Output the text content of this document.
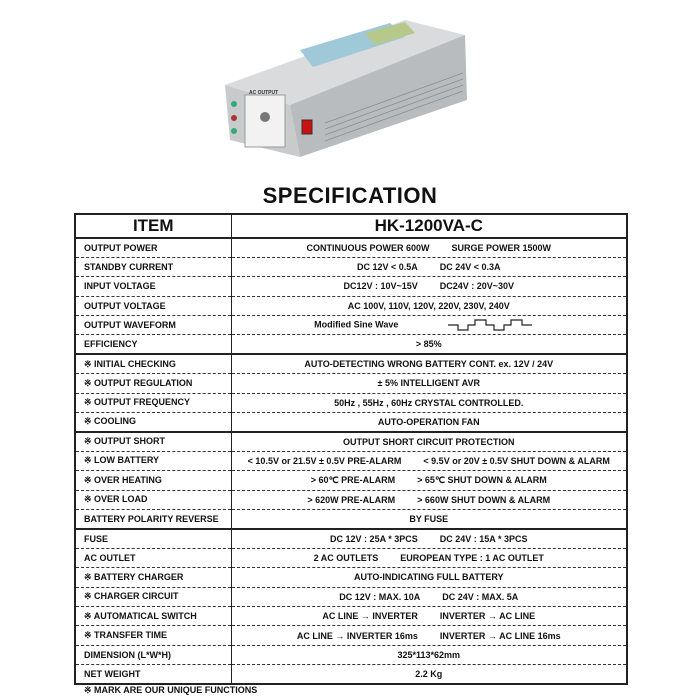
AC OUTPUT
SPECIFICATION
ITEM	HK-1200VA-C
OUTPUT POWER	CONTINUOUS POWER 600W SURGE POWER 1500W
STANDBY CURRENT	DC 12V < 0.5A DC 24V < 0.3A
INPUT VOLTAGE	DC12V : 10V~15V DC24V : 20V~30V
OUTPUT VOLTAGE	AC 100V, 110V, 120V, 220V, 230V, 240V
OUTPUT WAVEFORM	Modified Sine Wave
EFFICIENCY	> 85%
※ INITIAL CHECKING	AUTO-DETECTING WRONG BATTERY CONT. ex. 12V / 24V
※ OUTPUT REGULATION	± 5% INTELLIGENT AVR
※ OUTPUT FREQUENCY	50Hz , 55Hz , 60Hz CRYSTAL CONTROLLED.
※ COOLING	AUTO-OPERATION FAN
※ OUTPUT SHORT	OUTPUT SHORT CIRCUIT PROTECTION
※ LOW BATTERY	< 10.5V or 21.5V ± 0.5V PRE-ALARM < 9.5V or 20V ± 0.5V SHUT DOWN & ALARM
※ OVER HEATING	> 60℃ PRE-ALARM > 65℃ SHUT DOWN & ALARM
※ OVER LOAD	> 620W PRE-ALARM > 660W SHUT DOWN & ALARM
BATTERY POLARITY REVERSE	BY FUSE
FUSE	DC 12V : 25A * 3PCS DC 24V : 15A * 3PCS
AC OUTLET	2 AC OUTLETS EUROPEAN TYPE : 1 AC OUTLET
※ BATTERY CHARGER	AUTO-INDICATING FULL BATTERY
※ CHARGER CIRCUIT	DC 12V : MAX. 10A DC 24V : MAX. 5A
※ AUTOMATICAL SWITCH	AC LINE → INVERTER INVERTER → AC LINE
※ TRANSFER TIME	AC LINE → INVERTER 16ms INVERTER → AC LINE 16ms
DIMENSION (L*W*H)	325*113*62mm
NET WEIGHT	2.2 Kg
※ MARK ARE OUR UNIQUE FUNCTIONS
